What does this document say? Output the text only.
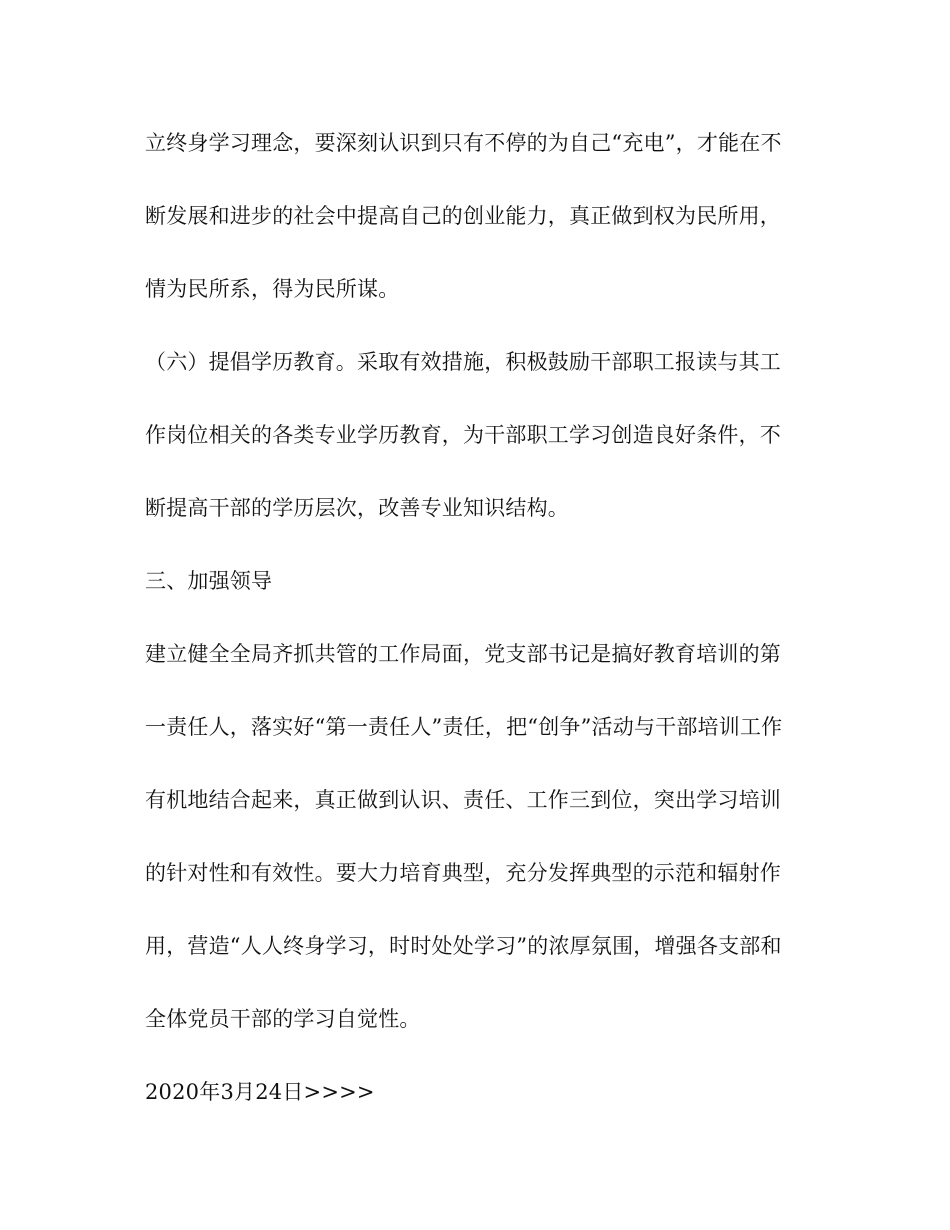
立终身学习理念，要深刻认识到只有不停的为自己“充电”，才能在不
断发展和进步的社会中提高自己的创业能力，真正做到权为民所用，
情为民所系，得为民所谋。
（六）提倡学历教育。采取有效措施，积极鼓励干部职工报读与其工
作岗位相关的各类专业学历教育，为干部职工学习创造良好条件，不
断提高干部的学历层次，改善专业知识结构。
三、加强领导
建立健全全局齐抓共管的工作局面，党支部书记是搞好教育培训的第
一责任人，落实好“第一责任人”责任，把“创争”活动与干部培训工作
有机地结合起来，真正做到认识、责任、工作三到位，突出学习培训
的针对性和有效性。要大力培育典型，充分发挥典型的示范和辐射作
用，营造“人人终身学习，时时处处学习”的浓厚氛围，增强各支部和
全体党员干部的学习自觉性。
2020年3月24日>>>>
